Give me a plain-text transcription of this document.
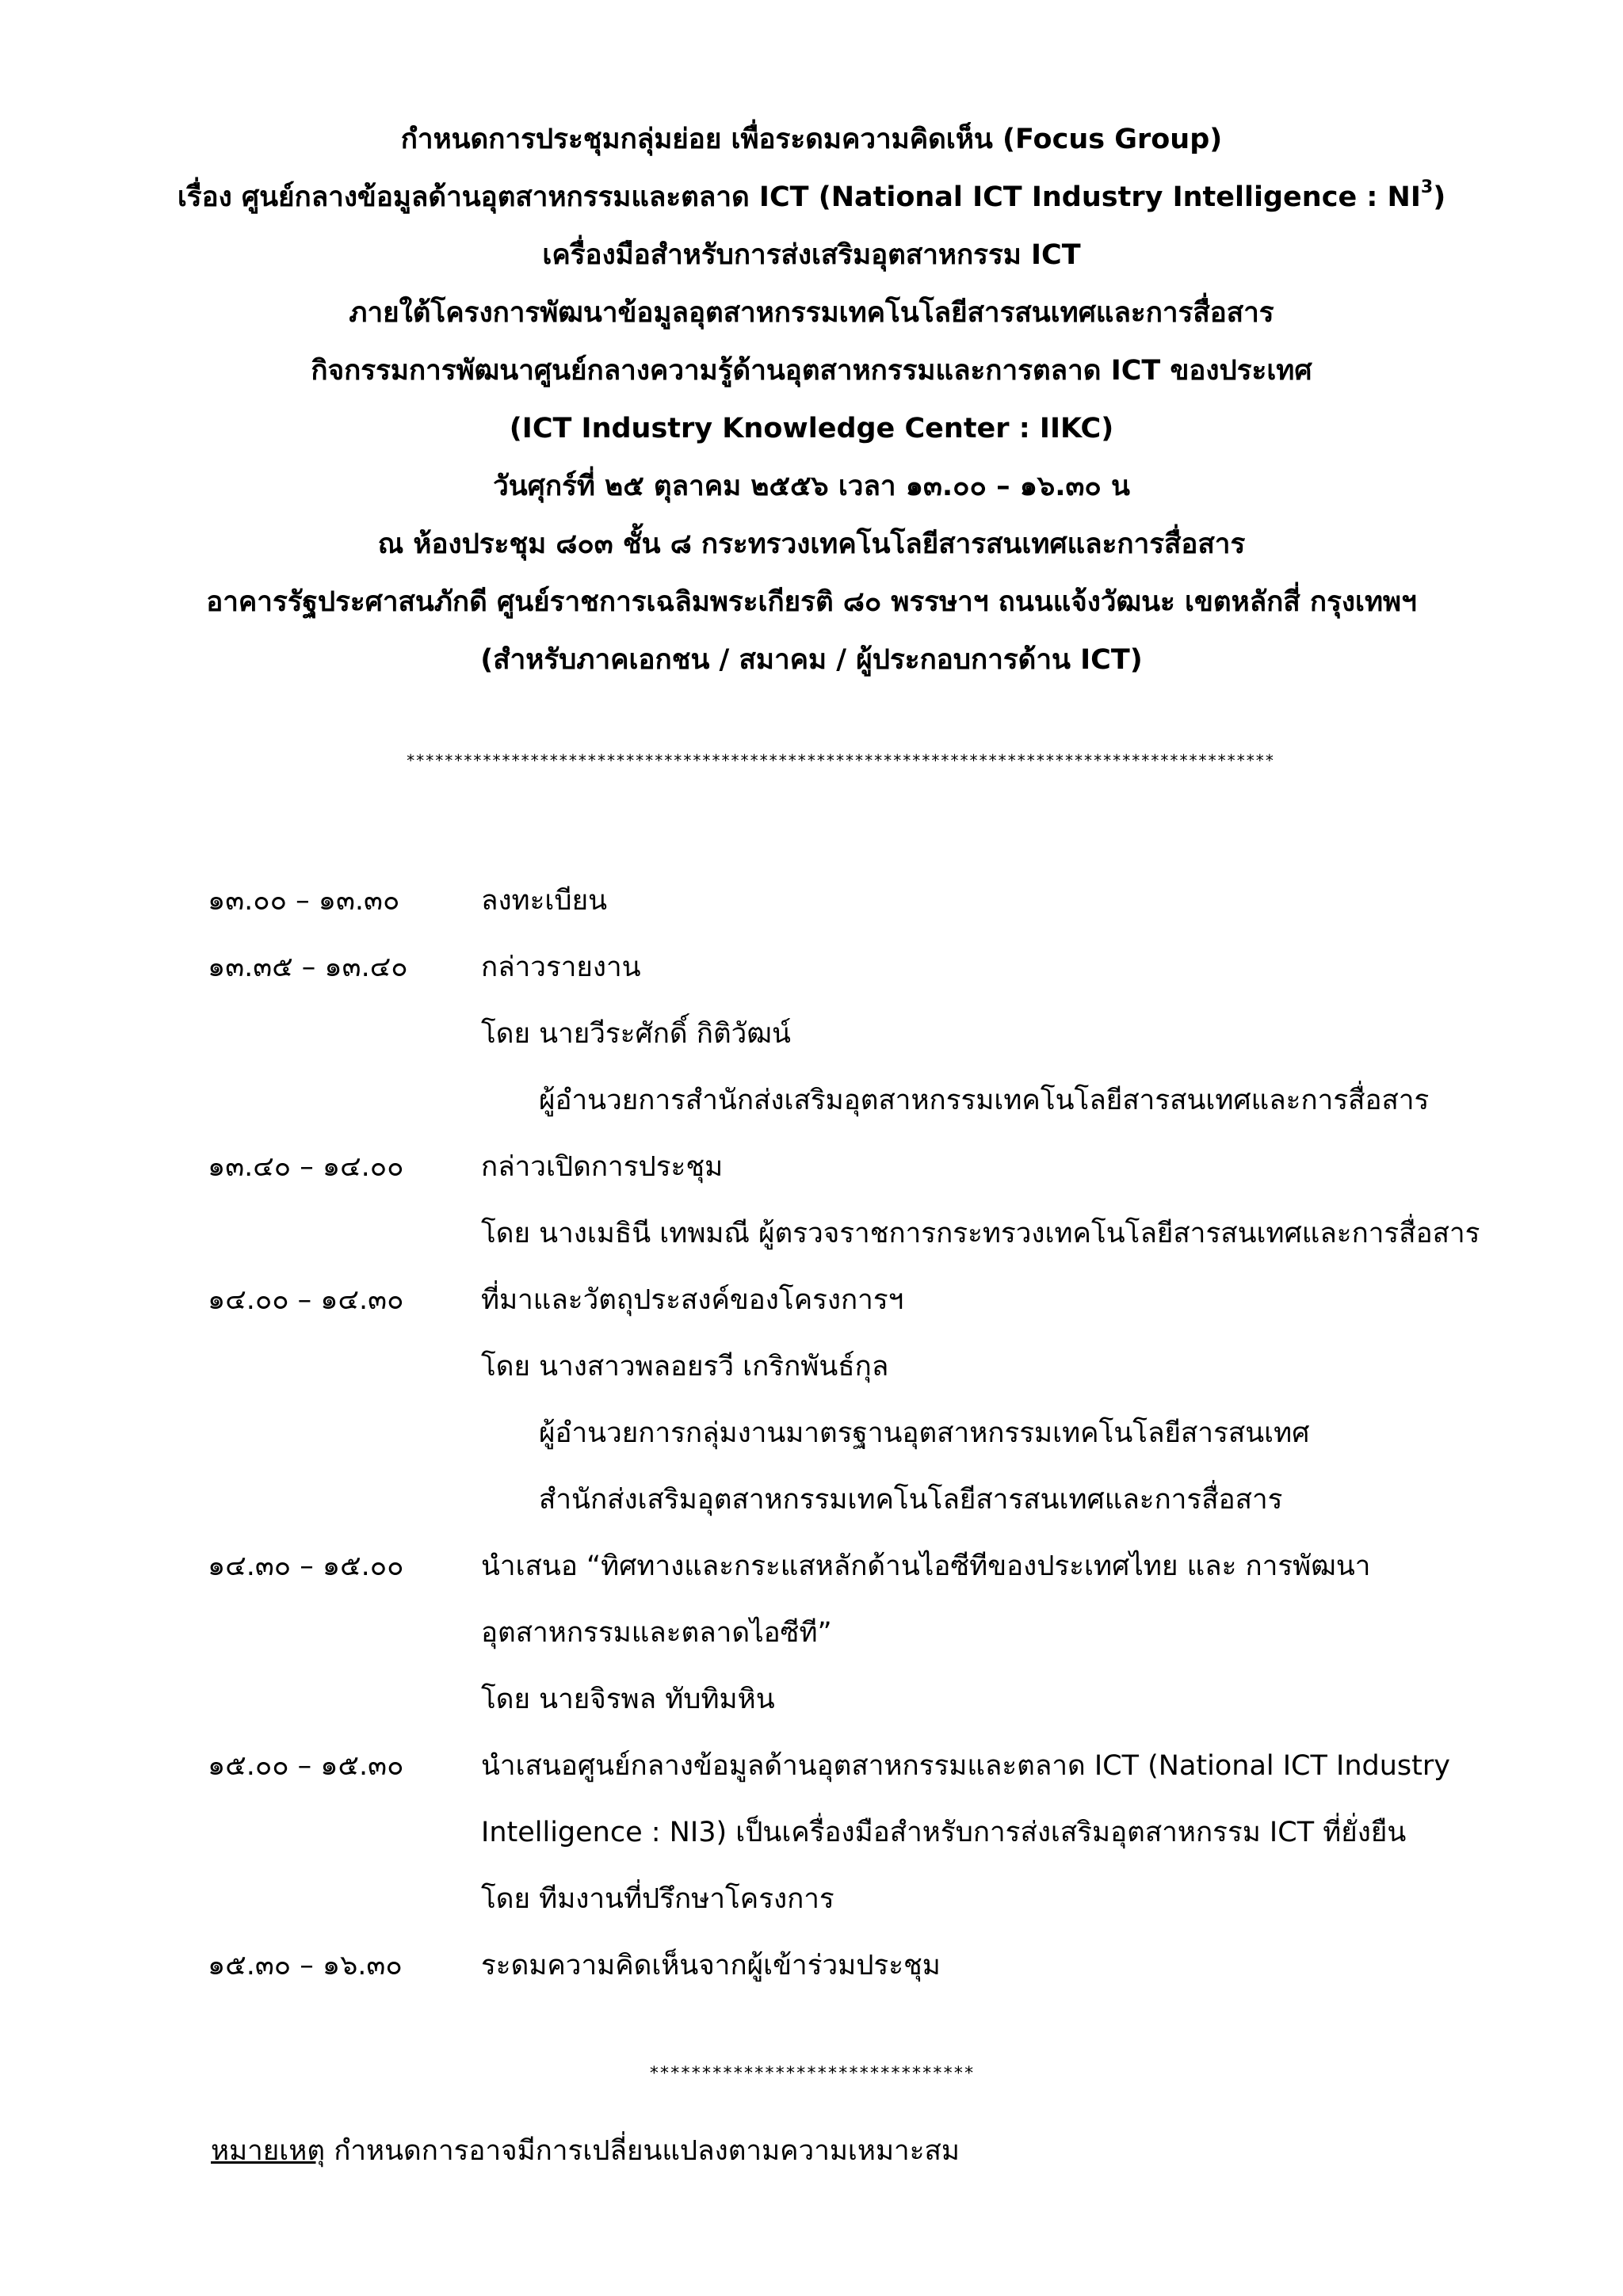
กำหนดการประชุมกลุ่มย่อย เพื่อระดมความคิดเห็น (Focus Group)
เรื่อง ศูนย์กลางข้อมูลด้านอุตสาหกรรมและตลาด ICT (National ICT Industry Intelligence : $NI^3$)
เครื่องมือสำหรับการส่งเสริมอุตสาหกรรม ICT
ภายใต้โครงการพัฒนาข้อมูลอุตสาหกรรมเทคโนโลยีสารสนเทศและการสื่อสาร
กิจกรรมการพัฒนาศูนย์กลางความรู้ด้านอุตสาหกรรมและการตลาด ICT ของประเทศ
(ICT Industry Knowledge Center : IIKC)
วันศุกร์ที่ ๒๕ ตุลาคม ๒๕๕๖ เวลา ๑๓.๐๐ – ๑๖.๓๐ น
ณ ห้องประชุม ๘๐๓ ชั้น ๘ กระทรวงเทคโนโลยีสารสนเทศและการสื่อสาร
อาคารรัฐประศาสนภักดี ศูนย์ราชการเฉลิมพระเกียรติ ๘๐ พรรษาฯ ถนนแจ้งวัฒนะ เขตหลักสี่ กรุงเทพฯ
(สำหรับภาคเอกชน / สมาคม / ผู้ประกอบการด้าน ICT)
*******************************************************************************************
๑๓.๐๐ – ๑๓.๓๐	ลงทะเบียน
๑๓.๓๕ – ๑๓.๔๐	กล่าวรายงาน
โดย นายวีระศักดิ์ กิติวัฒน์
ผู้อำนวยการสำนักส่งเสริมอุตสาหกรรมเทคโนโลยีสารสนเทศและการสื่อสาร
๑๓.๔๐ – ๑๔.๐๐	กล่าวเปิดการประชุม
โดย นางเมธินี เทพมณี ผู้ตรวจราชการกระทรวงเทคโนโลยีสารสนเทศและการสื่อสาร
๑๔.๐๐ – ๑๔.๓๐	ที่มาและวัตถุประสงค์ของโครงการฯ
โดย นางสาวพลอยรวี เกริกพันธ์กุล
ผู้อำนวยการกลุ่มงานมาตรฐานอุตสาหกรรมเทคโนโลยีสารสนเทศ
สำนักส่งเสริมอุตสาหกรรมเทคโนโลยีสารสนเทศและการสื่อสาร
๑๔.๓๐ – ๑๕.๐๐	นำเสนอ “ทิศทางและกระแสหลักด้านไอซีทีของประเทศไทย และ การพัฒนา
อุตสาหกรรมและตลาดไอซีที”
โดย นายจิรพล ทับทิมหิน
๑๕.๐๐ – ๑๕.๓๐	นำเสนอศูนย์กลางข้อมูลด้านอุตสาหกรรมและตลาด ICT (National ICT Industry
Intelligence : NI3) เป็นเครื่องมือสำหรับการส่งเสริมอุตสาหกรรม ICT ที่ยั่งยืน
โดย ทีมงานที่ปรึกษาโครงการ
๑๕.๓๐ – ๑๖.๓๐	ระดมความคิดเห็นจากผู้เข้าร่วมประชุม
*******************************
หมายเหตุ กำหนดการอาจมีการเปลี่ยนแปลงตามความเหมาะสม
